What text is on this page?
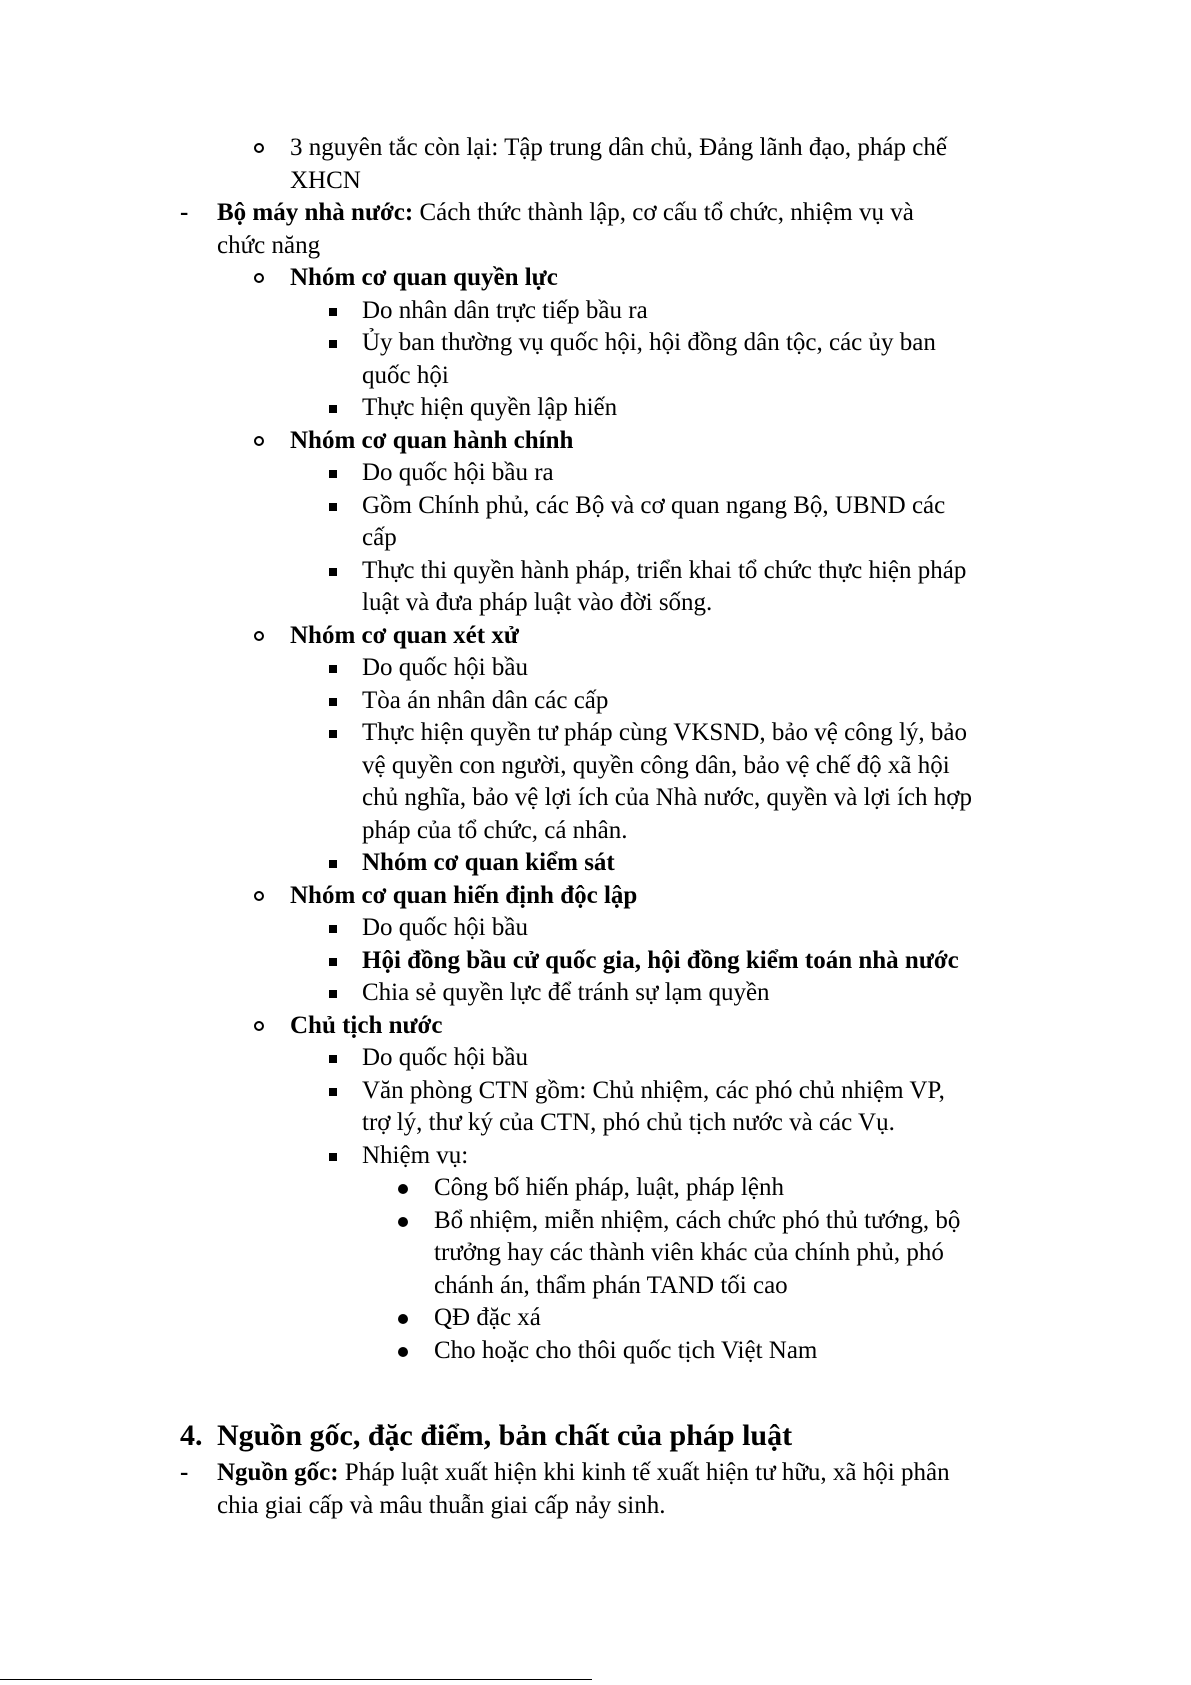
3 nguyên tắc còn lại: Tập trung dân chủ, Đảng lãnh đạo, pháp chế
XHCN
- Bộ máy nhà nước: Cách thức thành lập, cơ cấu tổ chức, nhiệm vụ và
chức năng
Nhóm cơ quan quyền lực
Do nhân dân trực tiếp bầu ra
Ủy ban thường vụ quốc hội, hội đồng dân tộc, các ủy ban
quốc hội
Thực hiện quyền lập hiến
Nhóm cơ quan hành chính
Do quốc hội bầu ra
Gồm Chính phủ, các Bộ và cơ quan ngang Bộ, UBND các
cấp
Thực thi quyền hành pháp, triển khai tổ chức thực hiện pháp
luật và đưa pháp luật vào đời sống.
Nhóm cơ quan xét xử
Do quốc hội bầu
Tòa án nhân dân các cấp
Thực hiện quyền tư pháp cùng VKSND, bảo vệ công lý, bảo
vệ quyền con người, quyền công dân, bảo vệ chế độ xã hội
chủ nghĩa, bảo vệ lợi ích của Nhà nước, quyền và lợi ích hợp
pháp của tổ chức, cá nhân.
Nhóm cơ quan kiểm sát
Nhóm cơ quan hiến định độc lập
Do quốc hội bầu
Hội đồng bầu cử quốc gia, hội đồng kiểm toán nhà nước
Chia sẻ quyền lực để tránh sự lạm quyền
Chủ tịch nước
Do quốc hội bầu
Văn phòng CTN gồm: Chủ nhiệm, các phó chủ nhiệm VP,
trợ lý, thư ký của CTN, phó chủ tịch nước và các Vụ.
Nhiệm vụ:
Công bố hiến pháp, luật, pháp lệnh
Bổ nhiệm, miễn nhiệm, cách chức phó thủ tướng, bộ
trưởng hay các thành viên khác của chính phủ, phó
chánh án, thẩm phán TAND tối cao
QĐ đặc xá
Cho hoặc cho thôi quốc tịch Việt Nam
4. Nguồn gốc, đặc điểm, bản chất của pháp luật
- Nguồn gốc: Pháp luật xuất hiện khi kinh tế xuất hiện tư hữu, xã hội phân
chia giai cấp và mâu thuẫn giai cấp nảy sinh.
